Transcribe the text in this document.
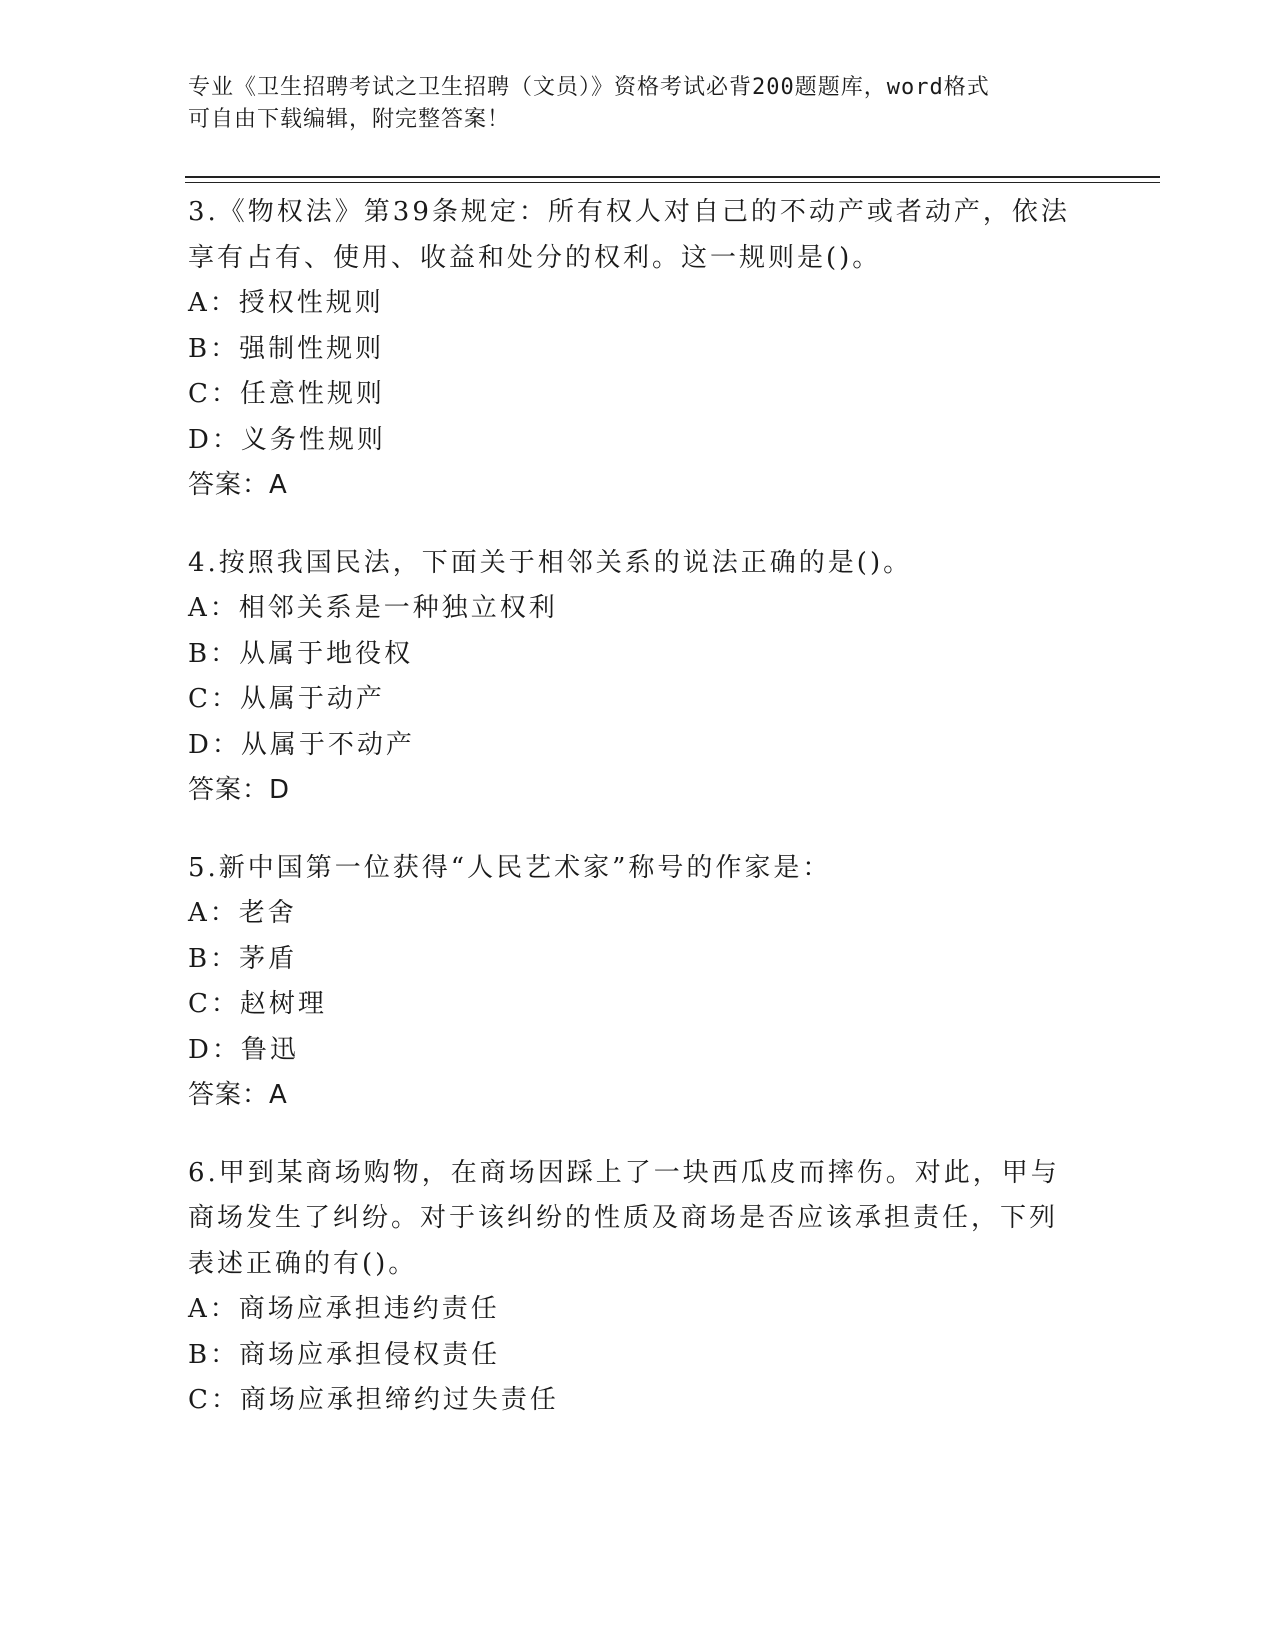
专业《卫生招聘考试之卫生招聘（文员）》资格考试必背200题题库，word格式
可自由下载编辑，附完整答案！
3.《物权法》第39条规定：所有权人对自己的不动产或者动产，依法
享有占有、使用、收益和处分的权利。这一规则是()。
A：授权性规则
B：强制性规则
C：任意性规则
D：义务性规则
答案：A
4.按照我国民法，下面关于相邻关系的说法正确的是()。
A：相邻关系是一种独立权利
B：从属于地役权
C：从属于动产
D：从属于不动产
答案：D
5.新中国第一位获得“人民艺术家”称号的作家是：
A：老舍
B：茅盾
C：赵树理
D：鲁迅
答案：A
6.甲到某商场购物，在商场因踩上了一块西瓜皮而摔伤。对此，甲与
商场发生了纠纷。对于该纠纷的性质及商场是否应该承担责任，下列
表述正确的有()。
A：商场应承担违约责任
B：商场应承担侵权责任
C：商场应承担缔约过失责任
